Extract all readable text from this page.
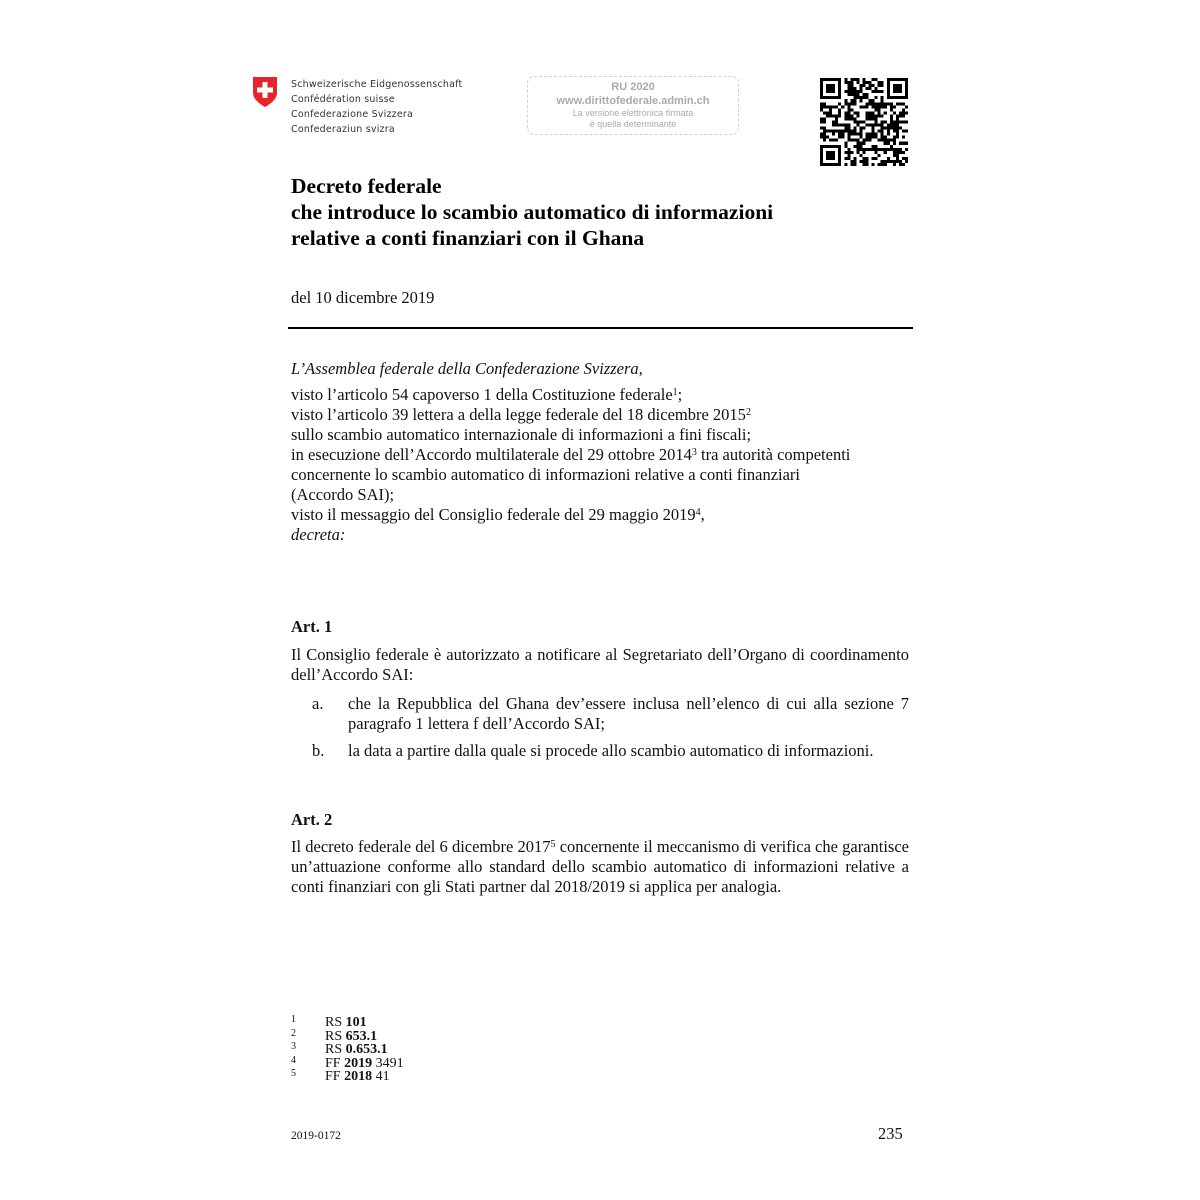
Schweizerische Eidgenossenschaft
Confédération suisse
Confederazione Svizzera
Confederaziun svizra
RU 2020
www.dirittofederale.admin.ch
La versione elettronica firmata
è quella determinante
Decreto federale
che introduce lo scambio automatico di informazioni
relative a conti finanziari con il Ghana
del 10 dicembre 2019
L’Assemblea federale della Confederazione Svizzera,
visto l’articolo 54 capoverso 1 della Costituzione federale$^1$;
visto l’articolo 39 lettera a della legge federale del 18 dicembre 2015$^2$
sullo scambio automatico internazionale di informazioni a fini fiscali;
in esecuzione dell’Accordo multilaterale del 29 ottobre 2014$^3$ tra autorità competenti
concernente lo scambio automatico di informazioni relative a conti finanziari
(Accordo SAI);
visto il messaggio del Consiglio federale del 29 maggio 2019$^4$,
decreta:
Art. 1
Il Consiglio federale è autorizzato a notificare al Segretariato dell’Organo di coordinamento dell’Accordo SAI:
a. che la Repubblica del Ghana dev’essere inclusa nell’elenco di cui alla sezione 7 paragrafo 1 lettera f dell’Accordo SAI;
b. la data a partire dalla quale si procede allo scambio automatico di informazioni.
Art. 2
Il decreto federale del 6 dicembre 2017$^5$ concernente il meccanismo di verifica che garantisce un’attuazione conforme allo standard dello scambio automatico di informazioni relative a conti finanziari con gli Stati partner dal 2018/2019 si applica per analogia.
1 RS 101
2 RS 653.1
3 RS 0.653.1
4 FF 2019 3491
5 FF 2018 41
2019-0172	235
